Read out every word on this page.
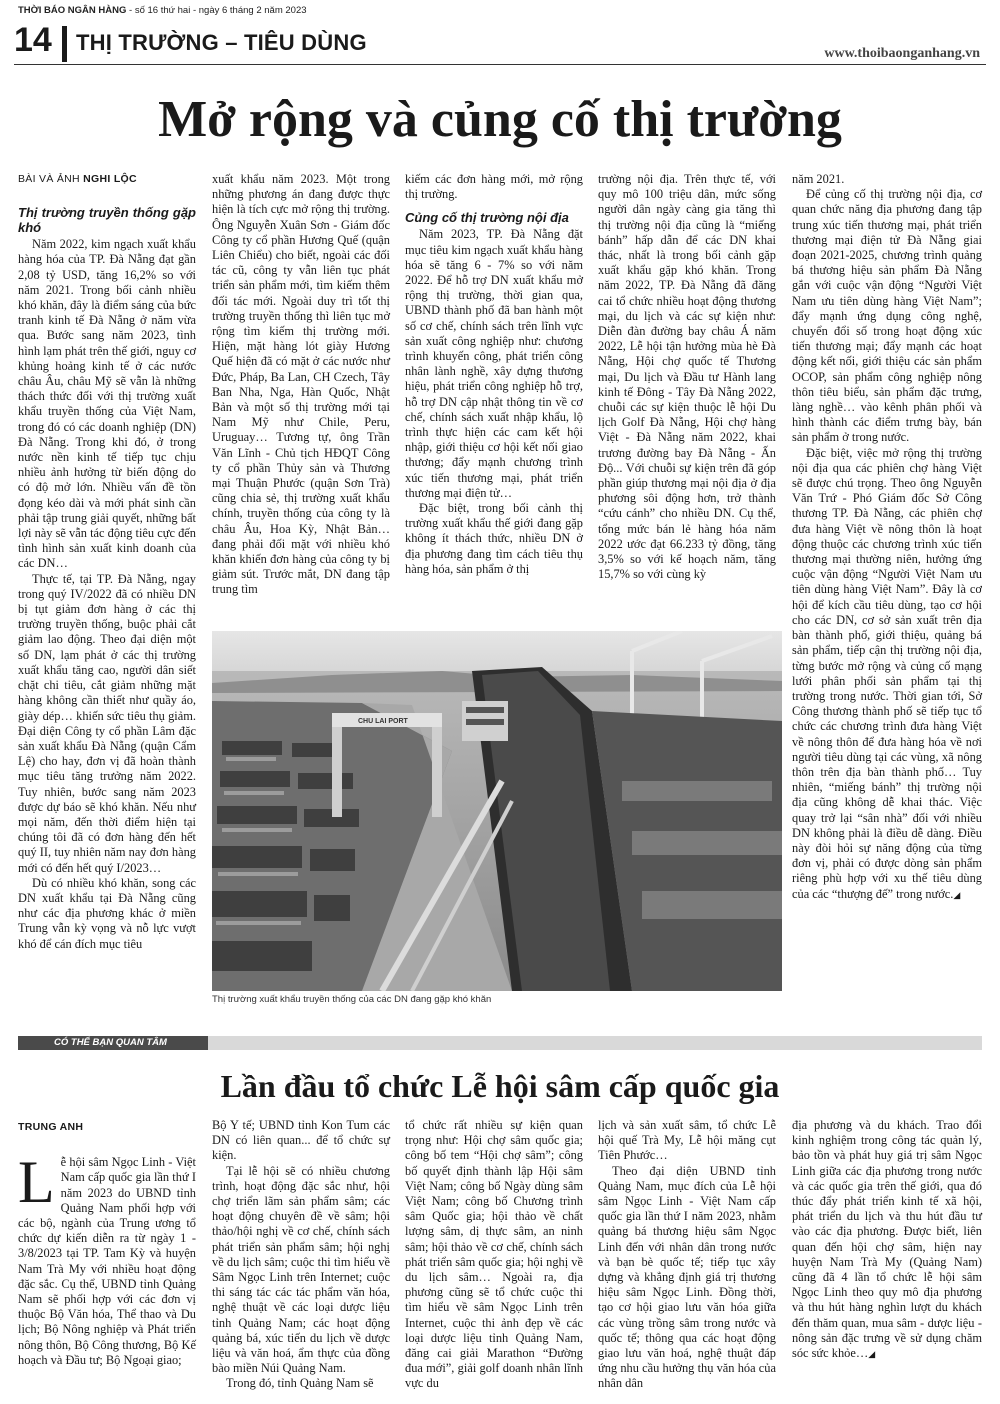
THỜI BÁO NGÂN HÀNG - số 16 thứ hai - ngày 6 tháng 2 năm 2023
14 THỊ TRƯỜNG – TIÊU DÙNG	www.thoibaonganhang.vn
Mở rộng và củng cố thị trường

BÀI VÀ ẢNH NGHI LỘC

Thị trường truyền thống gặp khó

Năm 2022, kim ngạch xuất khẩu hàng hóa của TP. Đà Nẵng đạt gần 2,08 tỷ USD, tăng 16,2% so với năm 2021. Trong bối cảnh nhiều khó khăn, đây là điểm sáng của bức tranh kinh tế Đà Nẵng ở năm vừa qua. Bước sang năm 2023, tình hình lạm phát trên thế giới, nguy cơ khủng hoảng kinh tế ở các nước châu Âu, châu Mỹ sẽ vẫn là những thách thức đối với thị trường xuất khẩu truyền thống của Việt Nam, trong đó có các doanh nghiệp (DN) Đà Nẵng. Trong khi đó, ở trong nước nền kinh tế tiếp tục chịu nhiều ảnh hưởng từ biến động do có độ mở lớn. Nhiều vấn đề tồn đọng kéo dài và mới phát sinh cần phải tập trung giải quyết, những bất lợi này sẽ vẫn tác động tiêu cực đến tình hình sản xuất kinh doanh của các DN…

Thực tế, tại TP. Đà Nẵng, ngay trong quý IV/2022 đã có nhiều DN bị tụt giảm đơn hàng ở các thị trường truyền thống, buộc phải cắt giảm lao động. Theo đại diện một số DN, lạm phát ở các thị trường xuất khẩu tăng cao, người dân siết chặt chi tiêu, cắt giảm những mặt hàng không cần thiết như quầy áo, giày dép… khiến sức tiêu thụ giảm. Đại diện Công ty cổ phần Lâm đặc sản xuất khẩu Đà Nẵng (quận Cẩm Lệ) cho hay, đơn vị đã hoàn thành mục tiêu tăng trưởng năm 2022. Tuy nhiên, bước sang năm 2023 được dự báo sẽ khó khăn. Nếu như mọi năm, đến thời điểm hiện tại chúng tôi đã có đơn hàng đến hết quý II, tuy nhiên năm nay đơn hàng mới có đến hết quý I/2023…

Dù có nhiều khó khăn, song các DN xuất khẩu tại Đà Nẵng cũng như các địa phương khác ở miền Trung vẫn kỳ vọng và nỗ lực vượt khó để cán đích mục tiêu

xuất khẩu năm 2023. Một trong những phương án đang được thực hiện là tích cực mở rộng thị trường. Ông Nguyễn Xuân Sơn - Giám đốc Công ty cổ phần Hương Quế (quận Liên Chiểu) cho biết, ngoài các đối tác cũ, công ty vẫn liên tục phát triển sản phẩm mới, tìm kiếm thêm đối tác mới. Ngoài duy trì tốt thị trường truyền thống thì liên tục mở rộng tìm kiếm thị trường mới. Hiện, mặt hàng lót giày Hương Quế hiện đã có mặt ở các nước như Đức, Pháp, Ba Lan, CH Czech, Tây Ban Nha, Nga, Hàn Quốc, Nhật Bản và một số thị trường mới tại Nam Mỹ như Chile, Peru, Uruguay… Tương tự, ông Trần Văn Lĩnh - Chủ tịch HĐQT Công ty cổ phần Thủy sản và Thương mại Thuận Phước (quận Sơn Trà) cũng chia sẻ, thị trường xuất khẩu chính, truyền thống của công ty là châu Âu, Hoa Kỳ, Nhật Bản… đang phải đối mặt với nhiều khó khăn khiến đơn hàng của công ty bị giảm sút. Trước mắt, DN đang tập trung tìm

kiếm các đơn hàng mới, mở rộng thị trường.

Củng cố thị trường nội địa

Năm 2023, TP. Đà Nẵng đặt mục tiêu kim ngạch xuất khẩu hàng hóa sẽ tăng 6 - 7% so với năm 2022. Để hỗ trợ DN xuất khẩu mở rộng thị trường, thời gian qua, UBND thành phố đã ban hành một số cơ chế, chính sách trên lĩnh vực sản xuất công nghiệp như: chương trình khuyến công, phát triển công nhân lành nghề, xây dựng thương hiệu, phát triển công nghiệp hỗ trợ, hỗ trợ DN cập nhật thông tin về cơ chế, chính sách xuất nhập khẩu, lộ trình thực hiện các cam kết hội nhập, giới thiệu cơ hội kết nối giao thương; đẩy mạnh chương trình xúc tiến thương mại, phát triển thương mại điện tử…

Đặc biệt, trong bối cảnh thị trường xuất khẩu thế giới đang gặp không ít thách thức, nhiều DN ở địa phương đang tìm cách tiêu thụ hàng hóa, sản phẩm ở thị

trường nội địa. Trên thực tế, với quy mô 100 triệu dân, mức sống người dân ngày càng gia tăng thì thị trường nội địa cũng là “miếng bánh” hấp dẫn để các DN khai thác, nhất là trong bối cảnh gặp xuất khẩu gặp khó khăn. Trong năm 2022, TP. Đà Nẵng đã đăng cai tổ chức nhiều hoạt động thương mại, du lịch và các sự kiện như: Diễn đàn đường bay châu Á năm 2022, Lễ hội tận hưởng mùa hè Đà Nẵng, Hội chợ quốc tế Thương mại, Du lịch và Đầu tư Hành lang kinh tế Đông - Tây Đà Nẵng 2022, chuỗi các sự kiện thuộc lễ hội Du lịch Golf Đà Nẵng, Hội chợ hàng Việt - Đà Nẵng năm 2022, khai trương đường bay Đà Nẵng - Ấn Độ... Với chuỗi sự kiện trên đã góp phần giúp thương mại nội địa ở địa phương sôi động hơn, trở thành “cứu cánh” cho nhiều DN. Cụ thể, tổng mức bán lẻ hàng hóa năm 2022 ước đạt 66.233 tỷ đồng, tăng 3,5% so với kế hoạch năm, tăng 15,7% so với cùng kỳ

năm 2021.

Để củng cố thị trường nội địa, cơ quan chức năng địa phương đang tập trung xúc tiến thương mại, phát triển thương mại điện tử Đà Nẵng giai đoạn 2021-2025, chương trình quảng bá thương hiệu sản phẩm Đà Nẵng gắn với cuộc vận động “Người Việt Nam ưu tiên dùng hàng Việt Nam”; đẩy mạnh ứng dụng công nghệ, chuyển đổi số trong hoạt động xúc tiến thương mại; đẩy mạnh các hoạt động kết nối, giới thiệu các sản phẩm OCOP, sản phẩm công nghiệp nông thôn tiêu biểu, sản phẩm đặc trưng, làng nghề… vào kênh phân phối và hình thành các điểm trưng bày, bán sản phẩm ở trong nước.

Đặc biệt, việc mở rộng thị trường nội địa qua các phiên chợ hàng Việt sẽ được chú trọng. Theo ông Nguyễn Văn Trứ - Phó Giám đốc Sở Công thương TP. Đà Nẵng, các phiên chợ đưa hàng Việt về nông thôn là hoạt động thuộc các chương trình xúc tiến thương mại thường niên, hưởng ứng cuộc vận động “Người Việt Nam ưu tiên dùng hàng Việt Nam”. Đây là cơ hội để kích cầu tiêu dùng, tạo cơ hội cho các DN, cơ sở sản xuất trên địa bàn thành phố, giới thiệu, quảng bá sản phẩm, tiếp cận thị trường nội địa, từng bước mở rộng và củng cố mạng lưới phân phối sản phẩm tại thị trường trong nước. Thời gian tới, Sở Công thương thành phố sẽ tiếp tục tổ chức các chương trình đưa hàng Việt về nông thôn để đưa hàng hóa về nơi người tiêu dùng tại các vùng, xã nông thôn trên địa bàn thành phố… Tuy nhiên, “miếng bánh” thị trường nội địa cũng không dễ khai thác. Việc quay trở lại “sân nhà” đối với nhiều DN không phải là điều dễ dàng. Điều này đòi hỏi sự năng động của từng đơn vị, phải có được dòng sản phẩm riêng phù hợp với xu thế tiêu dùng của các “thượng đế” trong nước.◢

CHU LAI PORT
Thị trường xuất khẩu truyền thống của các DN đang gặp khó khăn
CÓ THỂ BẠN QUAN TÂM
Lần đầu tổ chức Lễ hội sâm cấp quốc gia

TRUNG ANH

Lễ hội sâm Ngọc Linh - Việt Nam cấp quốc gia lần thứ I năm 2023 do UBND tỉnh Quảng Nam phối hợp với các bộ, ngành của Trung ương tổ chức dự kiến diễn ra từ ngày 1 - 3/8/2023 tại TP. Tam Kỳ và huyện Nam Trà My với nhiều hoạt động đặc sắc. Cụ thể, UBND tỉnh Quảng Nam sẽ phối hợp với các đơn vị thuộc Bộ Văn hóa, Thể thao và Du lịch; Bộ Nông nghiệp và Phát triển nông thôn, Bộ Công thương, Bộ Kế hoạch và Đầu tư; Bộ Ngoại giao;

Bộ Y tế; UBND tỉnh Kon Tum các DN có liên quan... để tổ chức sự kiện.

Tại lễ hội sẽ có nhiều chương trình, hoạt động đặc sắc như, hội chợ triển lãm sản phẩm sâm; các hoạt động chuyên đề về sâm; hội thảo/hội nghị về cơ chế, chính sách phát triển sản phẩm sâm; hội nghị về du lịch sâm; cuộc thi tìm hiểu về Sâm Ngọc Linh trên Internet; cuộc thi sáng tác các tác phẩm văn hóa, nghệ thuật về các loại dược liệu tỉnh Quảng Nam; các hoạt động quảng bá, xúc tiến du lịch về dược liệu và văn hoá, ẩm thực của đồng bào miền Núi Quảng Nam.

Trong đó, tỉnh Quảng Nam sẽ

tổ chức rất nhiều sự kiện quan trọng như: Hội chợ sâm quốc gia; công bố tem “Hội chợ sâm”; công bố quyết định thành lập Hội sâm Việt Nam; công bố Ngày dùng sâm Việt Nam; công bố Chương trình sâm Quốc gia; hội thảo về chất lượng sâm, dị thực sâm, an ninh sâm; hội thảo về cơ chế, chính sách phát triển sâm quốc gia; hội nghị về du lịch sâm… Ngoài ra, địa phương cũng sẽ tổ chức cuộc thi tìm hiểu về sâm Ngọc Linh trên Internet, cuộc thi ảnh đẹp về các loại dược liệu tỉnh Quảng Nam, đăng cai giải Marathon “Đường đua mới”, giải golf doanh nhân lĩnh vực du

lịch và sản xuất sâm, tổ chức Lễ hội quế Trà My, Lễ hội măng cụt Tiên Phước…

Theo đại diện UBND tỉnh Quảng Nam, mục đích của Lễ hội sâm Ngọc Linh - Việt Nam cấp quốc gia lần thứ I năm 2023, nhằm quảng bá thương hiệu sâm Ngọc Linh đến với nhân dân trong nước và bạn bè quốc tế; tiếp tục xây dựng và khẳng định giá trị thương hiệu sâm Ngọc Linh. Đồng thời, tạo cơ hội giao lưu văn hóa giữa các vùng trồng sâm trong nước và quốc tế; thông qua các hoạt động giao lưu văn hoá, nghệ thuật đáp ứng nhu cầu hưởng thụ văn hóa của nhân dân

địa phương và du khách. Trao đổi kinh nghiệm trong công tác quản lý, bảo tồn và phát huy giá trị sâm Ngọc Linh giữa các địa phương trong nước và các quốc gia trên thế giới, qua đó thúc đẩy phát triển kinh tế xã hội, phát triển du lịch và thu hút đầu tư vào các địa phương. Được biết, liên quan đến hội chợ sâm, hiện nay huyện Nam Trà My (Quảng Nam) cũng đã 4 lần tổ chức lễ hội sâm Ngọc Linh theo quy mô địa phương và thu hút hàng nghìn lượt du khách đến thăm quan, mua sâm - dược liệu - nông sản đặc trưng về sử dụng chăm sóc sức khỏe…◢
